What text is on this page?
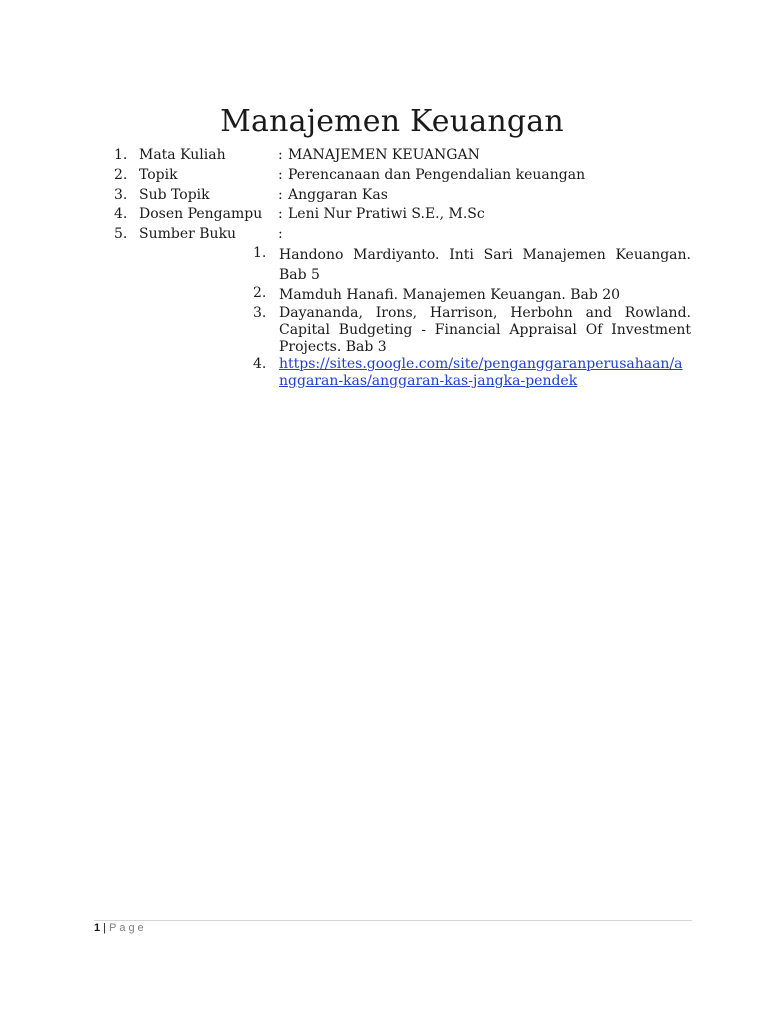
Manajemen Keuangan
1. Mata Kuliah	: MANAJEMEN KEUANGAN
2. Topik	: Perencanaan dan Pengendalian keuangan
3. Sub Topik	: Anggaran Kas
4. Dosen Pengampu : Leni Nur Pratiwi S.E., M.Sc
5. Sumber Buku	:
1. Handono Mardiyanto. Inti Sari Manajemen Keuangan. Bab 5
2. Mamduh Hanafi. Manajemen Keuangan. Bab 20
3. Dayananda, Irons, Harrison, Herbohn and Rowland. Capital Budgeting - Financial Appraisal Of Investment Projects. Bab 3
4. https://sites.google.com/site/penganggaranperusahaan/anggaran-kas/anggaran-kas-jangka-pendek
1 | Page
